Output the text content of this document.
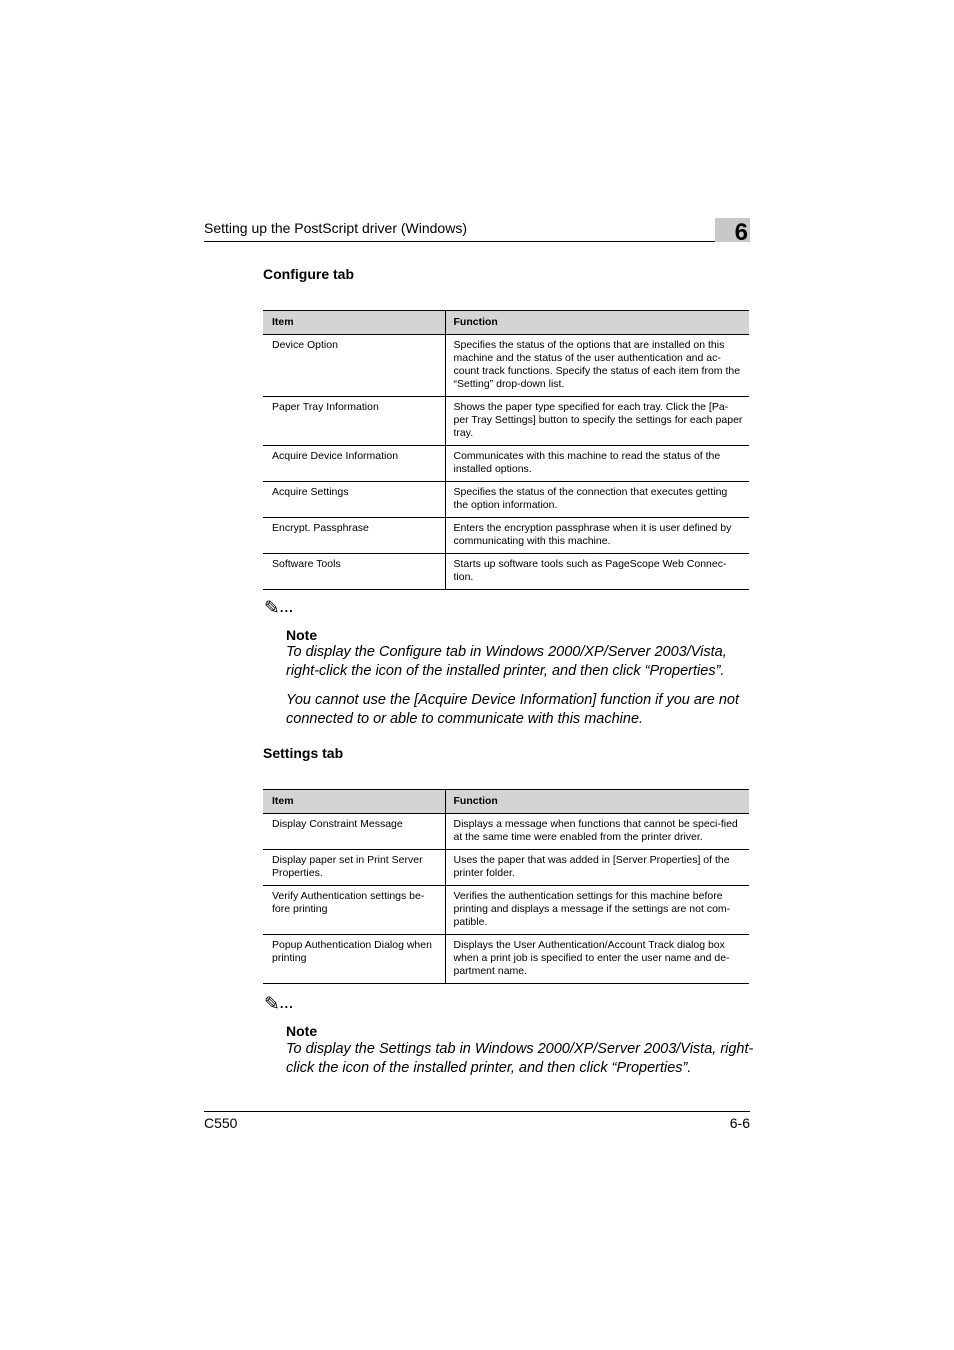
Setting up the PostScript driver (Windows)	6
Configure tab
Item	Function
Device Option	Specifies the status of the options that are installed on this machine and the status of the user authentication and ac-count track functions. Specify the status of each item from the “Setting” drop-down list.
Paper Tray Information	Shows the paper type specified for each tray. Click the [Pa-per Tray Settings] button to specify the settings for each paper tray.
Acquire Device Information	Communicates with this machine to read the status of the installed options.
Acquire Settings	Specifies the status of the connection that executes getting the option information.
Encrypt. Passphrase	Enters the encryption passphrase when it is user defined by communicating with this machine.
Software Tools	Starts up software tools such as PageScope Web Connec-tion.
✎...
Note

To display the Configure tab in Windows 2000/XP/Server 2003/Vista, right-click the icon of the installed printer, and then click “Properties”.

You cannot use the [Acquire Device Information] function if you are not connected to or able to communicate with this machine.

Settings tab
Item	Function
Display Constraint Message	Displays a message when functions that cannot be speci-fied at the same time were enabled from the printer driver.
Display paper set in Print Server Properties.	Uses the paper that was added in [Server Properties] of the printer folder.
Verify Authentication settings be-fore printing	Verifies the authentication settings for this machine before printing and displays a message if the settings are not com-patible.
Popup Authentication Dialog when printing	Displays the User Authentication/Account Track dialog box when a print job is specified to enter the user name and de-partment name.
✎...
Note

To display the Settings tab in Windows 2000/XP/Server 2003/Vista, right-click the icon of the installed printer, and then click “Properties”.

C550	6-6
